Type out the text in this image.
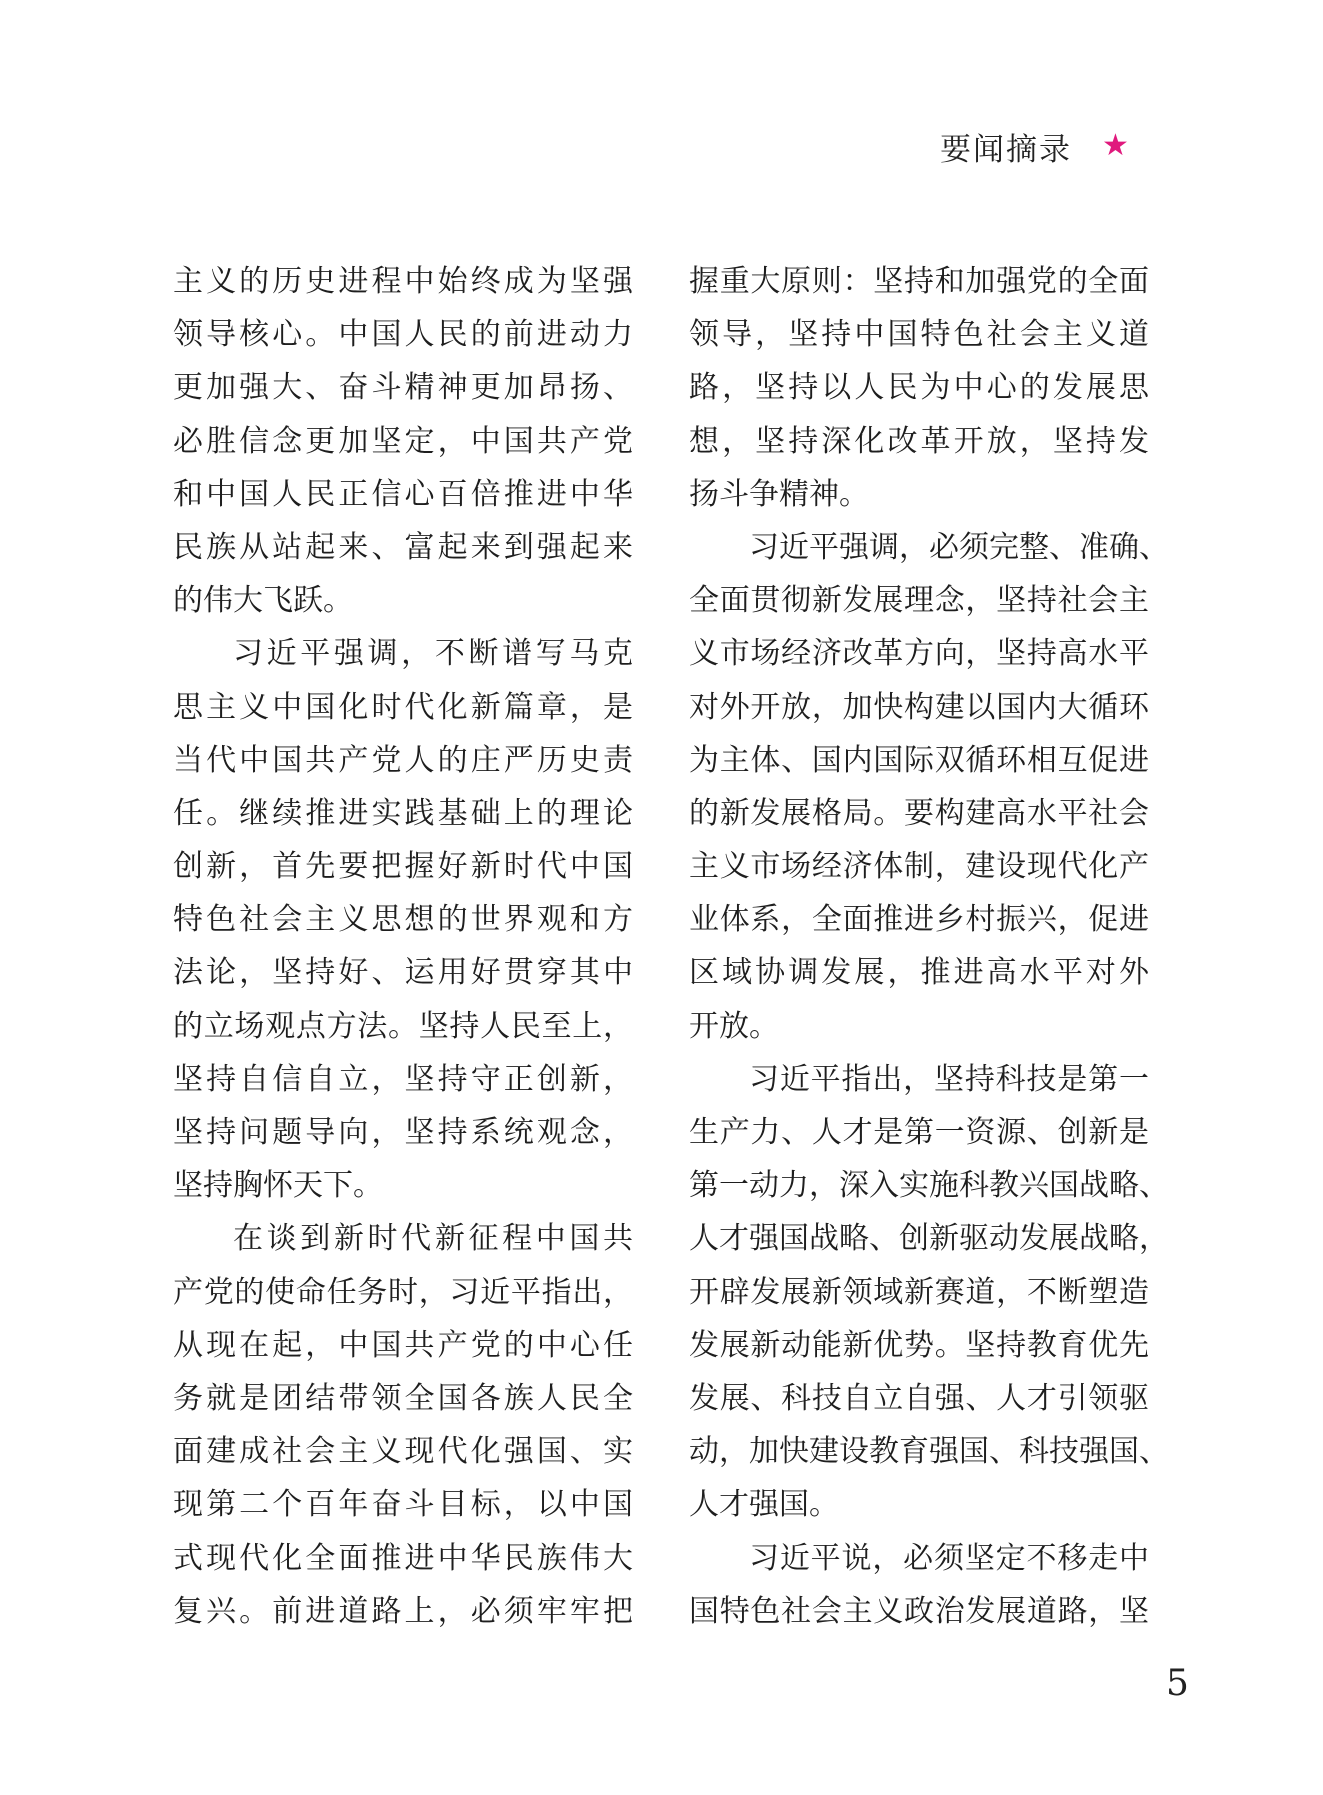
要闻摘录 ★
主义的历史进程中始终成为坚强
领导核心。中国人民的前进动力
更加强大、奋斗精神更加昂扬、
必胜信念更加坚定，中国共产党
和中国人民正信心百倍推进中华
民族从站起来、富起来到强起来
的伟大飞跃。
习近平强调，不断谱写马克
思主义中国化时代化新篇章，是
当代中国共产党人的庄严历史责
任。继续推进实践基础上的理论
创新，首先要把握好新时代中国
特色社会主义思想的世界观和方
法论，坚持好、运用好贯穿其中
的立场观点方法。坚持人民至上，
坚持自信自立，坚持守正创新，
坚持问题导向，坚持系统观念，
坚持胸怀天下。
在谈到新时代新征程中国共
产党的使命任务时，习近平指出，
从现在起，中国共产党的中心任
务就是团结带领全国各族人民全
面建成社会主义现代化强国、实
现第二个百年奋斗目标，以中国
式现代化全面推进中华民族伟大
复兴。前进道路上，必须牢牢把
握重大原则：坚持和加强党的全面
领导，坚持中国特色社会主义道
路，坚持以人民为中心的发展思
想，坚持深化改革开放，坚持发
扬斗争精神。
习近平强调，必须完整、准确、
全面贯彻新发展理念，坚持社会主
义市场经济改革方向，坚持高水平
对外开放，加快构建以国内大循环
为主体、国内国际双循环相互促进
的新发展格局。要构建高水平社会
主义市场经济体制，建设现代化产
业体系，全面推进乡村振兴，促进
区域协调发展，推进高水平对外
开放。
习近平指出，坚持科技是第一
生产力、人才是第一资源、创新是
第一动力，深入实施科教兴国战略、
人才强国战略、创新驱动发展战略，
开辟发展新领域新赛道，不断塑造
发展新动能新优势。坚持教育优先
发展、科技自立自强、人才引领驱
动，加快建设教育强国、科技强国、
人才强国。
习近平说，必须坚定不移走中
国特色社会主义政治发展道路，坚
5
